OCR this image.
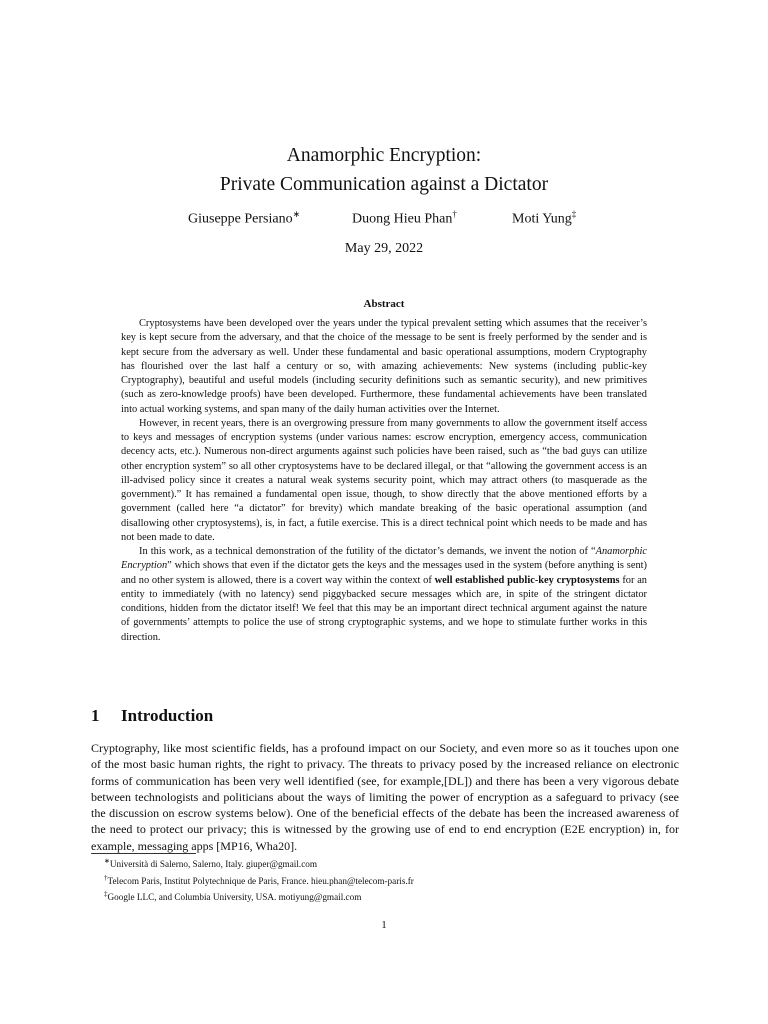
Anamorphic Encryption:
Private Communication against a Dictator
Giuseppe Persiano∗	Duong Hieu Phan†	Moti Yung‡
May 29, 2022
Abstract

Cryptosystems have been developed over the years under the typical prevalent setting which assumes that the receiver’s key is kept secure from the adversary, and that the choice of the message to be sent is freely performed by the sender and is kept secure from the adversary as well. Under these fundamental and basic operational assumptions, modern Cryptography has flourished over the last half a century or so, with amazing achievements: New systems (including public-key Cryptography), beautiful and useful models (including security definitions such as semantic security), and new primitives (such as zero-knowledge proofs) have been developed. Furthermore, these fundamental achievements have been translated into actual working systems, and span many of the daily human activities over the Internet.

However, in recent years, there is an overgrowing pressure from many governments to allow the government itself access to keys and messages of encryption systems (under various names: escrow encryption, emergency access, communication decency acts, etc.). Numerous non-direct arguments against such policies have been raised, such as “the bad guys can utilize other encryption system” so all other cryptosystems have to be declared illegal, or that “allowing the government access is an ill-advised policy since it creates a natural weak systems security point, which may attract others (to masquerade as the government).” It has remained a fundamental open issue, though, to show directly that the above mentioned efforts by a government (called here “a dictator” for brevity) which mandate breaking of the basic operational assumption (and disallowing other cryptosystems), is, in fact, a futile exercise. This is a direct technical point which needs to be made and has not been made to date.

In this work, as a technical demonstration of the futility of the dictator’s demands, we invent the notion of “Anamorphic Encryption” which shows that even if the dictator gets the keys and the messages used in the system (before anything is sent) and no other system is allowed, there is a covert way within the context of well established public-key cryptosystems for an entity to immediately (with no latency) send piggybacked secure messages which are, in spite of the stringent dictator conditions, hidden from the dictator itself! We feel that this may be an important direct technical argument against the nature of governments’ attempts to police the use of strong cryptographic systems, and we hope to stimulate further works in this direction.

1 Introduction

Cryptography, like most scientific fields, has a profound impact on our Society, and even more so as it touches upon one of the most basic human rights, the right to privacy. The threats to privacy posed by the increased reliance on electronic forms of communication has been very well identified (see, for example,[DL]) and there has been a very vigorous debate between technologists and politicians about the ways of limiting the power of encryption as a safeguard to privacy (see the discussion on escrow systems below). One of the beneficial effects of the debate has been the increased awareness of the need to protect our privacy; this is witnessed by the growing use of end to end encryption (E2E encryption) in, for example, messaging apps [MP16, Wha20].

∗Università di Salerno, Salerno, Italy. giuper@gmail.com
†Telecom Paris, Institut Polytechnique de Paris, France. hieu.phan@telecom-paris.fr
‡Google LLC, and Columbia University, USA. motiyung@gmail.com
1
